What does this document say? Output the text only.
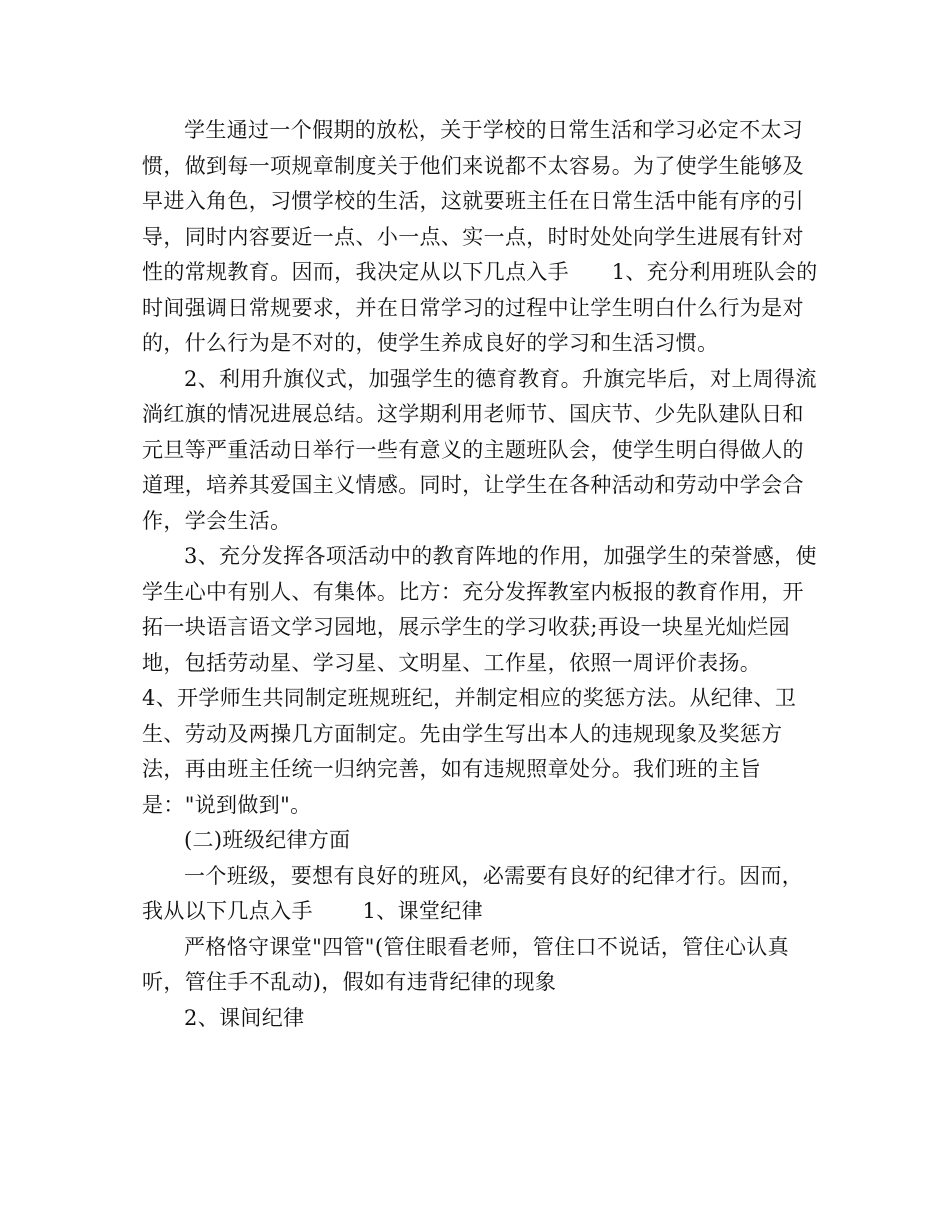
学生通过一个假期的放松，关于学校的日常生活和学习必定不太习惯，做到每一项规章制度关于他们来说都不太容易。为了使学生能够及早进入角色，习惯学校的生活，这就要班主任在日常生活中能有序的引导，同时内容要近一点、小一点、实一点，时时处处向学生进展有针对性的常规教育。因而，我决定从以下几点入手　　1、充分利用班队会的时间强调日常规要求，并在日常学习的过程中让学生明白什么行为是对的，什么行为是不对的，使学生养成良好的学习和生活习惯。

2、利用升旗仪式，加强学生的德育教育。升旗完毕后，对上周得流淌红旗的情况进展总结。这学期利用老师节、国庆节、少先队建队日和元旦等严重活动日举行一些有意义的主题班队会，使学生明白得做人的道理，培养其爱国主义情感。同时，让学生在各种活动和劳动中学会合作，学会生活。

3、充分发挥各项活动中的教育阵地的作用，加强学生的荣誉感，使学生心中有别人、有集体。比方：充分发挥教室内板报的教育作用，开拓一块语言语文学习园地，展示学生的学习收获;再设一块星光灿烂园地，包括劳动星、学习星、文明星、工作星，依照一周评价表扬。

4、开学师生共同制定班规班纪，并制定相应的奖惩方法。从纪律、卫生、劳动及两操几方面制定。先由学生写出本人的违规现象及奖惩方法，再由班主任统一归纳完善，如有违规照章处分。我们班的主旨是："说到做到"。

(二)班级纪律方面

一个班级，要想有良好的班风，必需要有良好的纪律才行。因而，我从以下几点入手　　 1、课堂纪律

严格恪守课堂"四管"(管住眼看老师，管住口不说话，管住心认真听，管住手不乱动)，假如有违背纪律的现象

2、课间纪律
